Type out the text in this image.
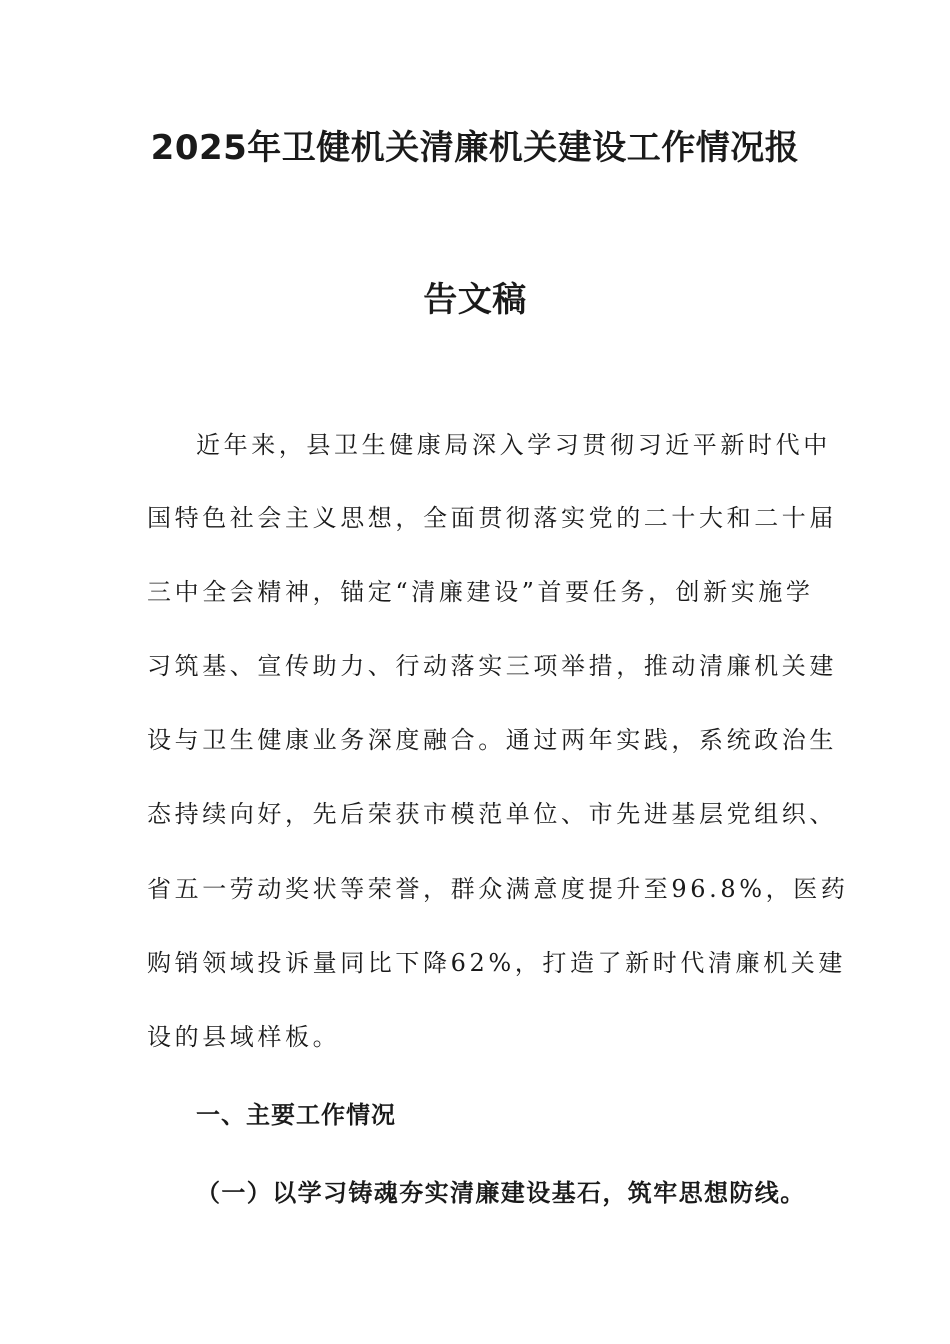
2025年卫健机关清廉机关建设工作情况报
告文稿
近年来，县卫生健康局深入学习贯彻习近平新时代中
国特色社会主义思想，全面贯彻落实党的二十大和二十届
三中全会精神，锚定“清廉建设”首要任务，创新实施学
习筑基、宣传助力、行动落实三项举措，推动清廉机关建
设与卫生健康业务深度融合。通过两年实践，系统政治生
态持续向好，先后荣获市模范单位、市先进基层党组织、
省五一劳动奖状等荣誉，群众满意度提升至96.8%，医药
购销领域投诉量同比下降62%，打造了新时代清廉机关建
设的县域样板。
一、主要工作情况
（一）以学习铸魂夯实清廉建设基石，筑牢思想防线。
